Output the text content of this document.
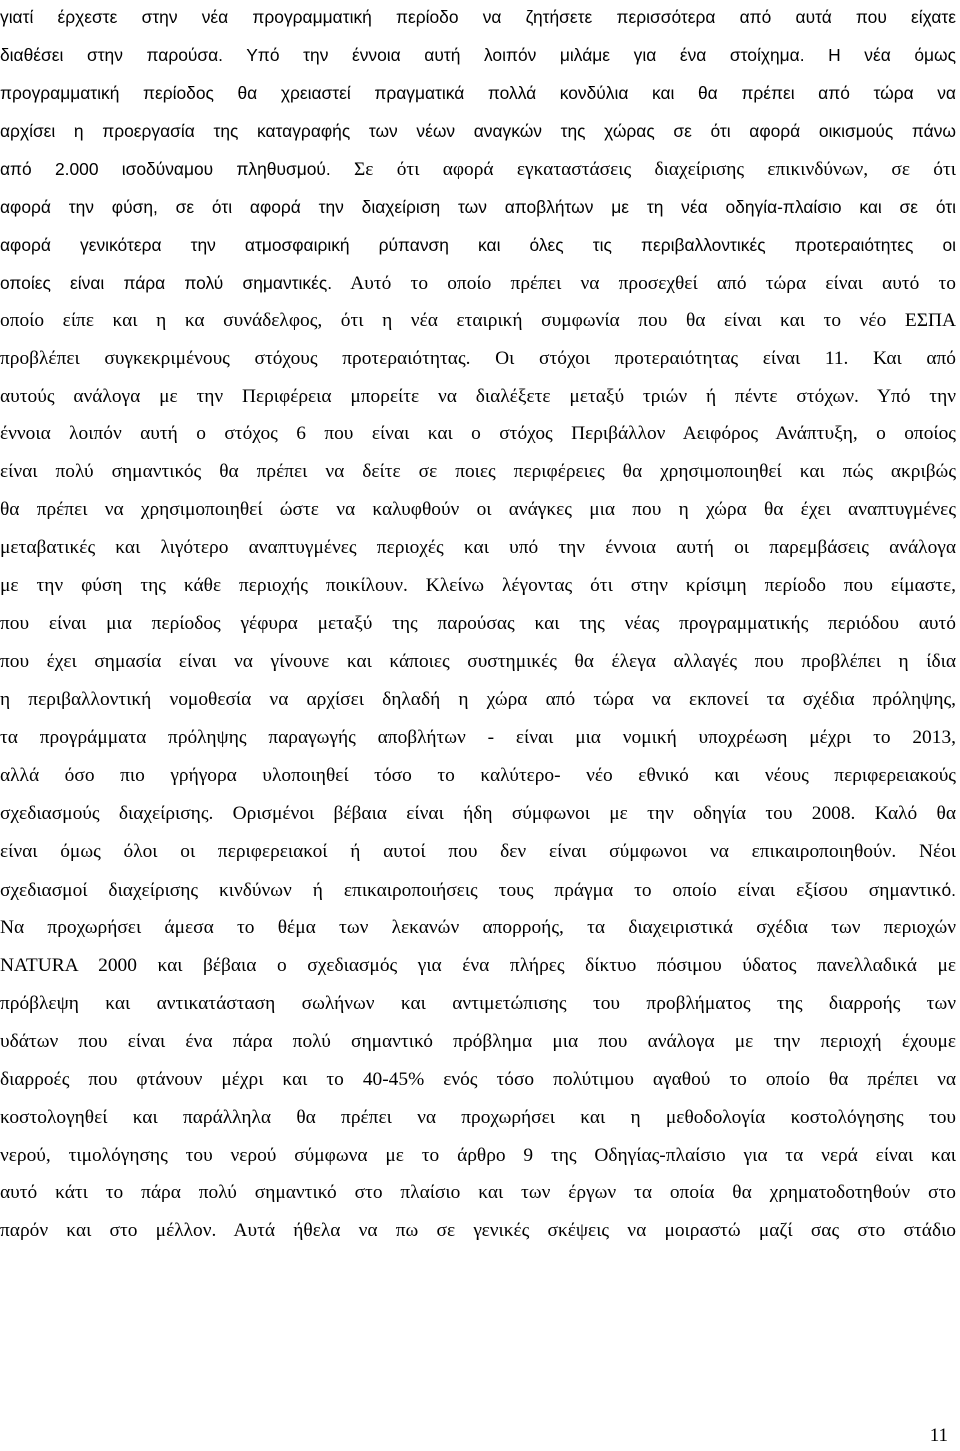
γιατί έρχεστε στην νέα προγραμματική περίοδο να ζητήσετε περισσότερα από αυτά που είχατε
διαθέσει στην παρούσα. Υπό την έννοια αυτή λοιπόν μιλάμε για ένα στοίχημα. Η νέα όμως
προγραμματική περίοδος θα χρειαστεί πραγματικά πολλά κονδύλια και θα πρέπει από τώρα να
αρχίσει η προεργασία της καταγραφής των νέων αναγκών της χώρας σε ότι αφορά οικισμούς πάνω
από 2.000 ισοδύναμου πληθυσμού. Σε ότι αφορά εγκαταστάσεις διαχείρισης επικινδύνων, σε ότι
αφορά την φύση, σε ότι αφορά την διαχείριση των αποβλήτων με τη νέα οδηγία-πλαίσιο και σε ότι
αφορά γενικότερα την ατμοσφαιρική ρύπανση και όλες τις περιβαλλοντικές προτεραιότητες οι
οποίες είναι πάρα πολύ σημαντικές. Αυτό το οποίο πρέπει να προσεχθεί από τώρα είναι αυτό το
οποίο είπε και η κα συνάδελφος, ότι η νέα εταιρική συμφωνία που θα είναι και το νέο ΕΣΠΑ
προβλέπει συγκεκριμένους στόχους προτεραιότητας. Οι στόχοι προτεραιότητας είναι 11. Και από
αυτούς ανάλογα με την Περιφέρεια μπορείτε να διαλέξετε μεταξύ τριών ή πέντε στόχων. Υπό την
έννοια λοιπόν αυτή ο στόχος 6 που είναι και ο στόχος Περιβάλλον Αειφόρος Ανάπτυξη, ο οποίος
είναι πολύ σημαντικός θα πρέπει να δείτε σε ποιες περιφέρειες θα χρησιμοποιηθεί και πώς ακριβώς
θα πρέπει να χρησιμοποιηθεί ώστε να καλυφθούν οι ανάγκες μια που η χώρα θα έχει αναπτυγμένες
μεταβατικές και λιγότερο αναπτυγμένες περιοχές και υπό την έννοια αυτή οι παρεμβάσεις ανάλογα
με την φύση της κάθε περιοχής ποικίλουν. Κλείνω λέγοντας ότι στην κρίσιμη περίοδο που είμαστε,
που είναι μια περίοδος γέφυρα μεταξύ της παρούσας και της νέας προγραμματικής περιόδου αυτό
που έχει σημασία είναι να γίνουνε και κάποιες συστημικές θα έλεγα αλλαγές που προβλέπει η ίδια
η περιβαλλοντική νομοθεσία να αρχίσει δηλαδή η χώρα από τώρα να εκπονεί τα σχέδια πρόληψης,
τα προγράμματα πρόληψης παραγωγής αποβλήτων - είναι μια νομική υποχρέωση μέχρι το 2013,
αλλά όσο πιο γρήγορα υλοποιηθεί τόσο το καλύτερο- νέο εθνικό και νέους περιφερειακούς
σχεδιασμούς διαχείρισης. Ορισμένοι βέβαια είναι ήδη σύμφωνοι με την οδηγία του 2008. Καλό θα
είναι όμως όλοι οι περιφερειακοί ή αυτοί που δεν είναι σύμφωνοι να επικαιροποιηθούν. Νέοι
σχεδιασμοί διαχείρισης κινδύνων ή επικαιροποιήσεις τους πράγμα το οποίο είναι εξίσου σημαντικό.
Να προχωρήσει άμεσα το θέμα των λεκανών απορροής, τα διαχειριστικά σχέδια των περιοχών
NATURA 2000 και βέβαια ο σχεδιασμός για ένα πλήρες δίκτυο πόσιμου ύδατος πανελλαδικά με
πρόβλεψη και αντικατάσταση σωλήνων και αντιμετώπισης του προβλήματος της διαρροής των
υδάτων που είναι ένα πάρα πολύ σημαντικό πρόβλημα μια που ανάλογα με την περιοχή έχουμε
διαρροές που φτάνουν μέχρι και το 40-45% ενός τόσο πολύτιμου αγαθού το οποίο θα πρέπει να
κοστολογηθεί και παράλληλα θα πρέπει να προχωρήσει και η μεθοδολογία κοστολόγησης του
νερού, τιμολόγησης του νερού σύμφωνα με το άρθρο 9 της Οδηγίας-πλαίσιο για τα νερά είναι και
αυτό κάτι το πάρα πολύ σημαντικό στο πλαίσιο και των έργων τα οποία θα χρηματοδοτηθούν στο
παρόν και στο μέλλον. Αυτά ήθελα να πω σε γενικές σκέψεις να μοιραστώ μαζί σας στο στάδιο
11
